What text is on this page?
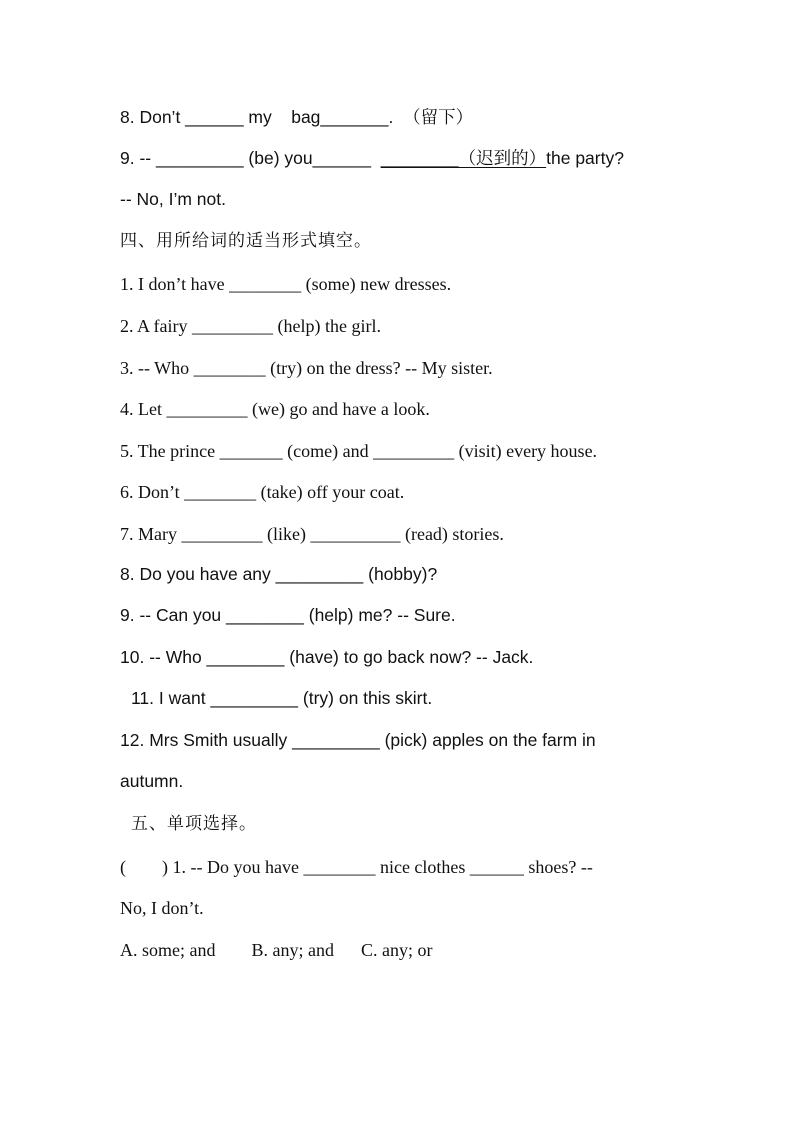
8. Don’t ______ my    bag_______.  （留下）

9. -- _________ (be) you______  ________（迟到的）the party?

-- No, I’m not.

四、用所给词的适当形式填空。

1. I don’t have ________ (some) new dresses.

2. A fairy _________ (help) the girl.

3. -- Who ________ (try) on the dress? -- My sister.

4. Let _________ (we) go and have a look.

5. The prince _______ (come) and _________ (visit) every house.

6. Don’t ________ (take) off your coat.

7. Mary _________ (like) __________ (read) stories.

8. Do you have any _________ (hobby)?

9. -- Can you ________ (help) me? -- Sure.

10. -- Who ________ (have) to go back now? -- Jack.

11. I want _________ (try) on this skirt.

12. Mrs Smith usually _________ (pick) apples on the farm in

autumn.

五、单项选择。

(        ) 1. -- Do you have ________ nice clothes ______ shoes? --

No, I don’t.

A. some; and        B. any; and      C. any; or
